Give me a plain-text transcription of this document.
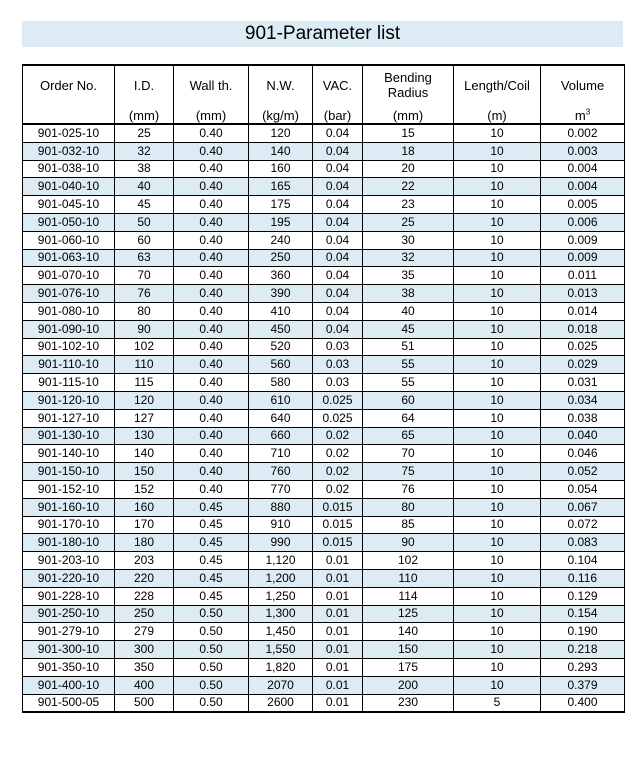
901-Parameter list
Order No.	I.D.	Wall th.	N.W.	VAC.	Bending Radius	Length/Coil	Volume
	(mm)	(mm)	(kg/m)	(bar)	(mm)	(m)	$m^3$
901-025-10	25	0.40	120	0.04	15	10	0.002
901-032-10	32	0.40	140	0.04	18	10	0.003
901-038-10	38	0.40	160	0.04	20	10	0.004
901-040-10	40	0.40	165	0.04	22	10	0.004
901-045-10	45	0.40	175	0.04	23	10	0.005
901-050-10	50	0.40	195	0.04	25	10	0.006
901-060-10	60	0.40	240	0.04	30	10	0.009
901-063-10	63	0.40	250	0.04	32	10	0.009
901-070-10	70	0.40	360	0.04	35	10	0.011
901-076-10	76	0.40	390	0.04	38	10	0.013
901-080-10	80	0.40	410	0.04	40	10	0.014
901-090-10	90	0.40	450	0.04	45	10	0.018
901-102-10	102	0.40	520	0.03	51	10	0.025
901-110-10	110	0.40	560	0.03	55	10	0.029
901-115-10	115	0.40	580	0.03	55	10	0.031
901-120-10	120	0.40	610	0.025	60	10	0.034
901-127-10	127	0.40	640	0.025	64	10	0.038
901-130-10	130	0.40	660	0.02	65	10	0.040
901-140-10	140	0.40	710	0.02	70	10	0.046
901-150-10	150	0.40	760	0.02	75	10	0.052
901-152-10	152	0.40	770	0.02	76	10	0.054
901-160-10	160	0.45	880	0.015	80	10	0.067
901-170-10	170	0.45	910	0.015	85	10	0.072
901-180-10	180	0.45	990	0.015	90	10	0.083
901-203-10	203	0.45	1,120	0.01	102	10	0.104
901-220-10	220	0.45	1,200	0.01	110	10	0.116
901-228-10	228	0.45	1,250	0.01	114	10	0.129
901-250-10	250	0.50	1,300	0.01	125	10	0.154
901-279-10	279	0.50	1,450	0.01	140	10	0.190
901-300-10	300	0.50	1,550	0.01	150	10	0.218
901-350-10	350	0.50	1,820	0.01	175	10	0.293
901-400-10	400	0.50	2070	0.01	200	10	0.379
901-500-05	500	0.50	2600	0.01	230	5	0.400
